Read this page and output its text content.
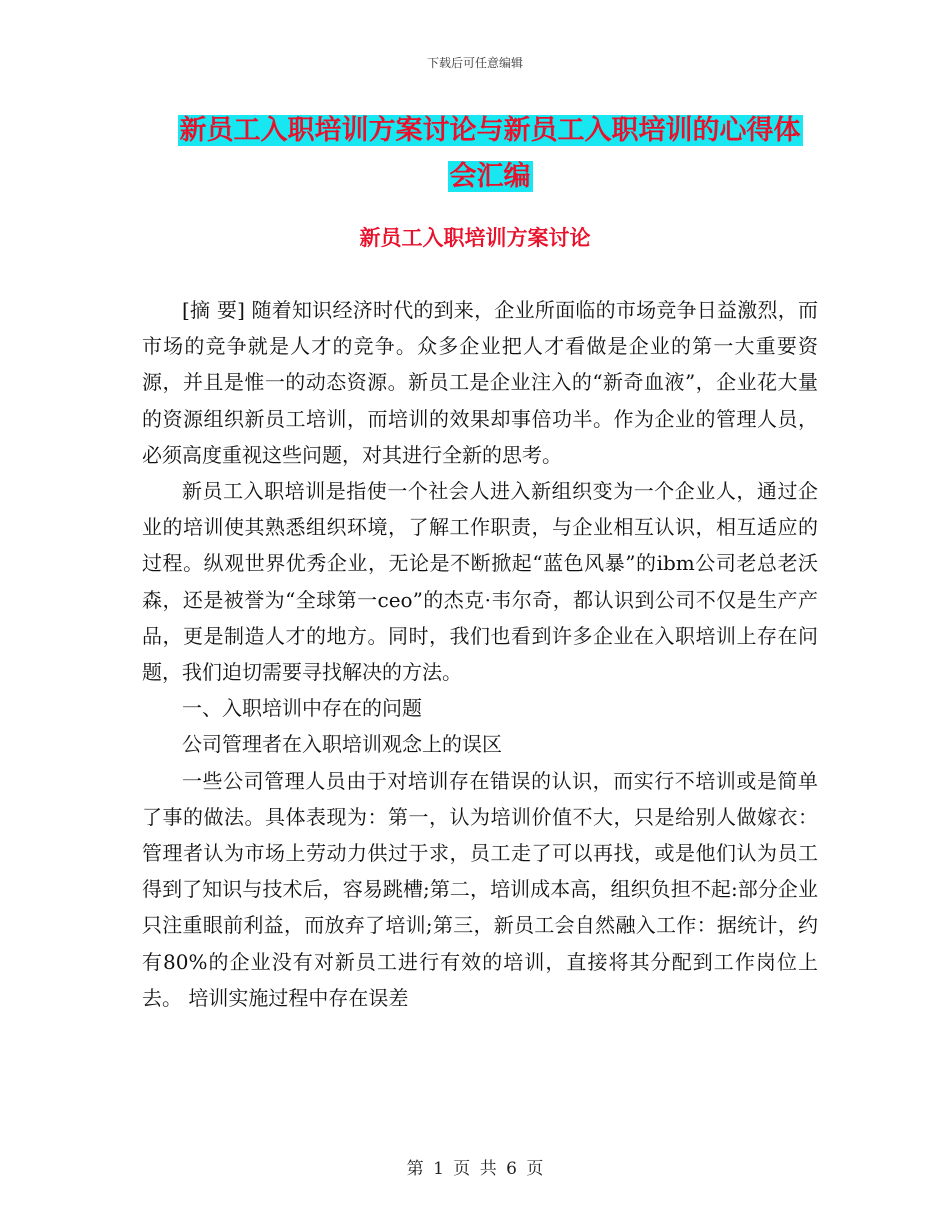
下载后可任意编辑
新员工入职培训方案讨论与新员工入职培训的心得体
会汇编
新员工入职培训方案讨论

[摘 要] 随着知识经济时代的到来，企业所面临的市场竞争日益激烈，而市场的竞争就是人才的竞争。众多企业把人才看做是企业的第一大重要资源，并且是惟一的动态资源。新员工是企业注入的“新奇血液”，企业花大量的资源组织新员工培训，而培训的效果却事倍功半。作为企业的管理人员，必须高度重视这些问题，对其进行全新的思考。

新员工入职培训是指使一个社会人进入新组织变为一个企业人，通过企业的培训使其熟悉组织环境，了解工作职责，与企业相互认识，相互适应的过程。纵观世界优秀企业，无论是不断掀起“蓝色风暴”的ibm公司老总老沃森，还是被誉为“全球第一ceo”的杰克·韦尔奇，都认识到公司不仅是生产产品，更是制造人才的地方。同时，我们也看到许多企业在入职培训上存在问题，我们迫切需要寻找解决的方法。

一、入职培训中存在的问题

公司管理者在入职培训观念上的误区

一些公司管理人员由于对培训存在错误的认识，而实行不培训或是简单了事的做法。具体表现为：第一，认为培训价值不大，只是给别人做嫁衣：管理者认为市场上劳动力供过于求，员工走了可以再找，或是他们认为员工得到了知识与技术后，容易跳槽;第二，培训成本高，组织负担不起:部分企业只注重眼前利益，而放弃了培训;第三，新员工会自然融入工作：据统计，约有80%的企业没有对新员工进行有效的培训，直接将其分配到工作岗位上去。 培训实施过程中存在误差

第 1 页 共 6 页
